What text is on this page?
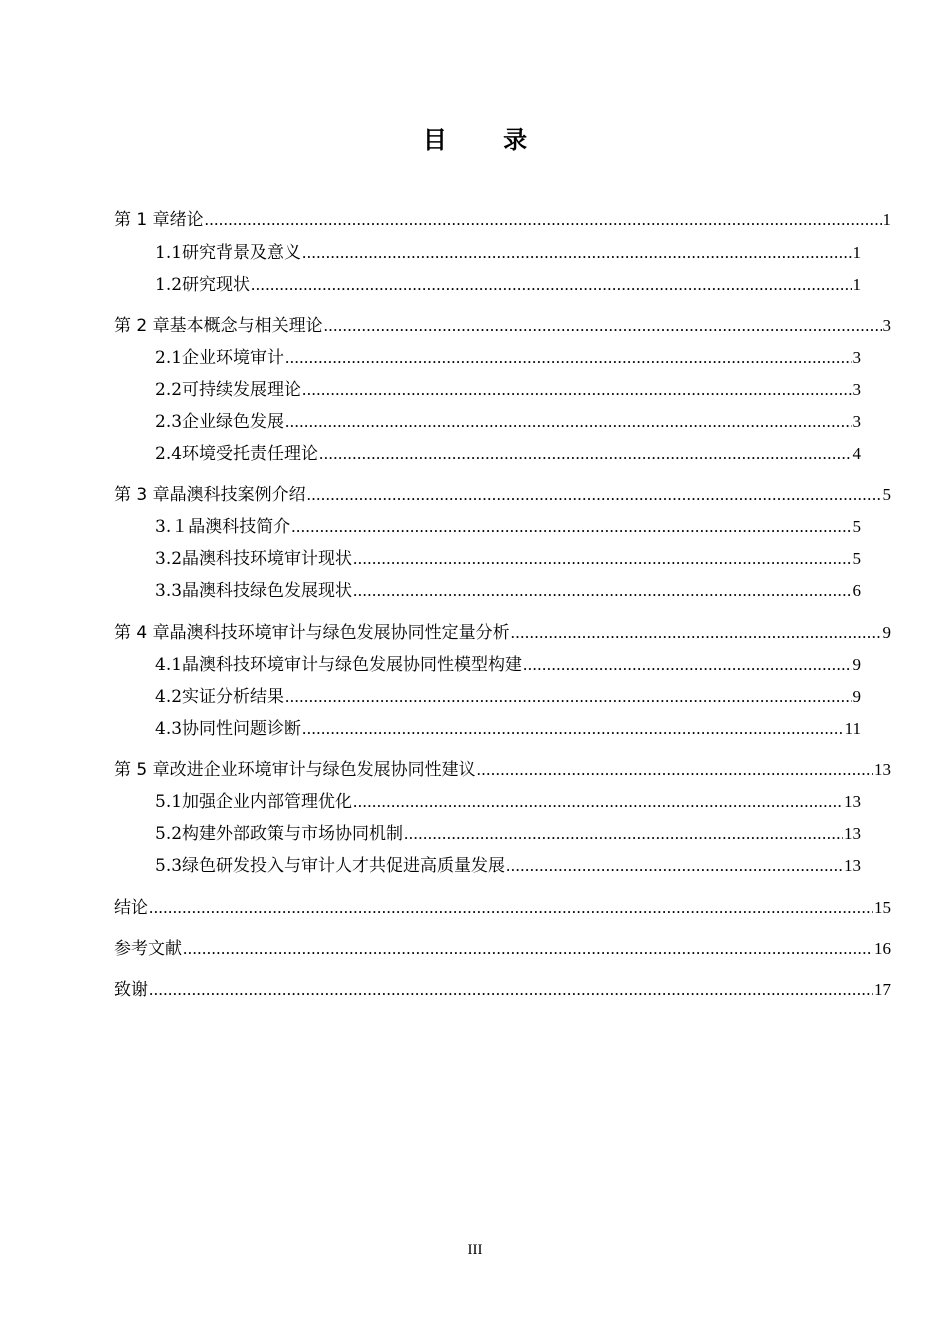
目 录
第 1 章 绪论 .....	1
1.1 研究背景及意义 .....	1
1.2 研究现状 .....	1
第 2 章 基本概念与相关理论 .....	3
2.1 企业环境审计 .....	3
2.2 可持续发展理论 .....	3
2.3 企业绿色发展 .....	3
2.4 环境受托责任理论 .....	4
第 3 章 晶澳科技案例介绍 .....	5
3.１ 晶澳科技简介 .....	5
3.2 晶澳科技环境审计现状 .....	5
3.3 晶澳科技绿色发展现状 .....	6
第 4 章 晶澳科技环境审计与绿色发展协同性定量分析 .....	9
4.1 晶澳科技环境审计与绿色发展协同性模型构建 .....	9
4.2 实证分析结果 .....	9
4.3 协同性问题诊断 .....	11
第 5 章 改进企业环境审计与绿色发展协同性建议 .....	13
5.1 加强企业内部管理优化 .....	13
5.2 构建外部政策与市场协同机制 .....	13
5.3 绿色研发投入与审计人才共促进高质量发展 .....	13
结论 .....	15
参考文献 .....	16
致谢 .....	17
III
